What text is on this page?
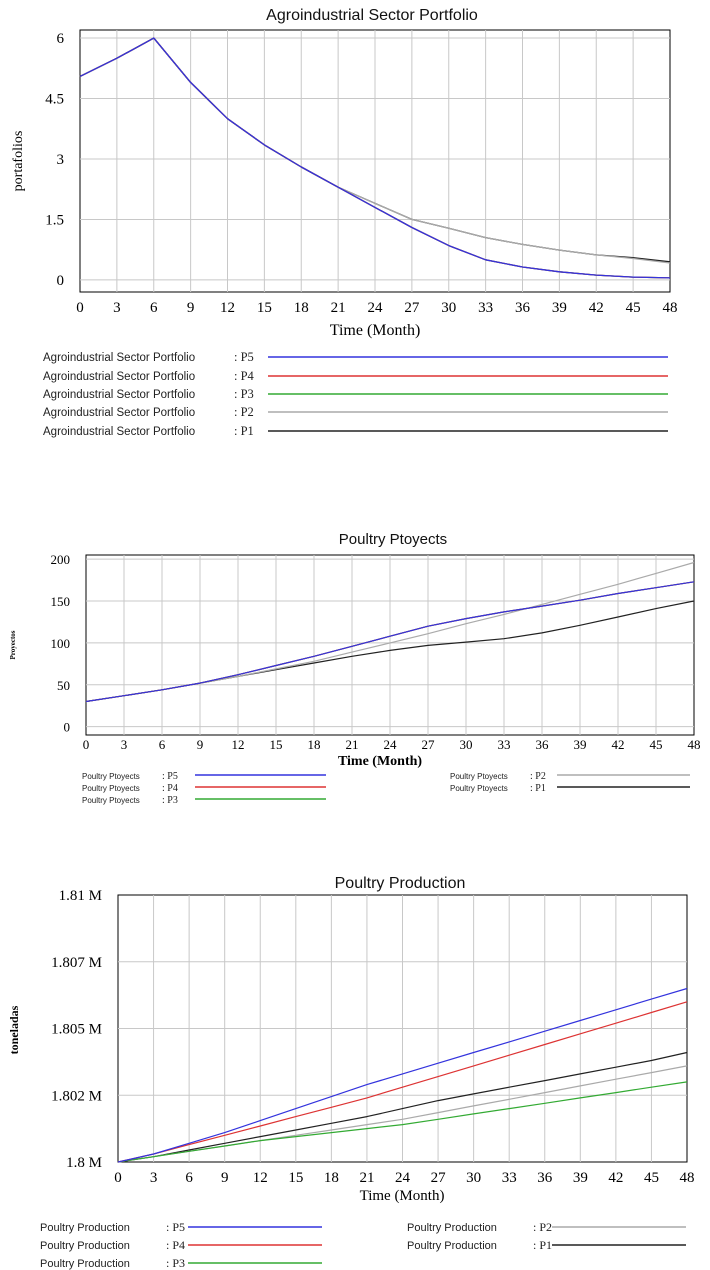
Agroindustrial Sector Portfolio
0 3 6 9 12 15 18 21 24 27 30 33 36 39 42 45 48
6
4.5
3
1.5
0
Time (Month)
portafolios
Agroindustrial Sector Portfolio	: P5
Agroindustrial Sector Portfolio	: P4
Agroindustrial Sector Portfolio	: P3
Agroindustrial Sector Portfolio	: P2
Agroindustrial Sector Portfolio	: P1
Poultry Ptoyects
0 3 6 9 12 15 18 21 24 27 30 33 36 39 42 45 48
200
150
100
50
0
Time (Month)
Proyectos
Poultry Ptoyects : P5
Poultry Ptoyects : P4
Poultry Ptoyects : P3
Poultry Ptoyects : P2
Poultry Ptoyects : P1
Poultry Production
0 3 6 9 12 15 18 21 24 27 30 33 36 39 42 45 48
1.81 M
1.807 M
1.805 M
1.802 M
1.8 M
Time (Month)
toneladas
Poultry Production	: P5
Poultry Production	: P4
Poultry Production	: P3
Poultry Production	: P2
Poultry Production	: P1
